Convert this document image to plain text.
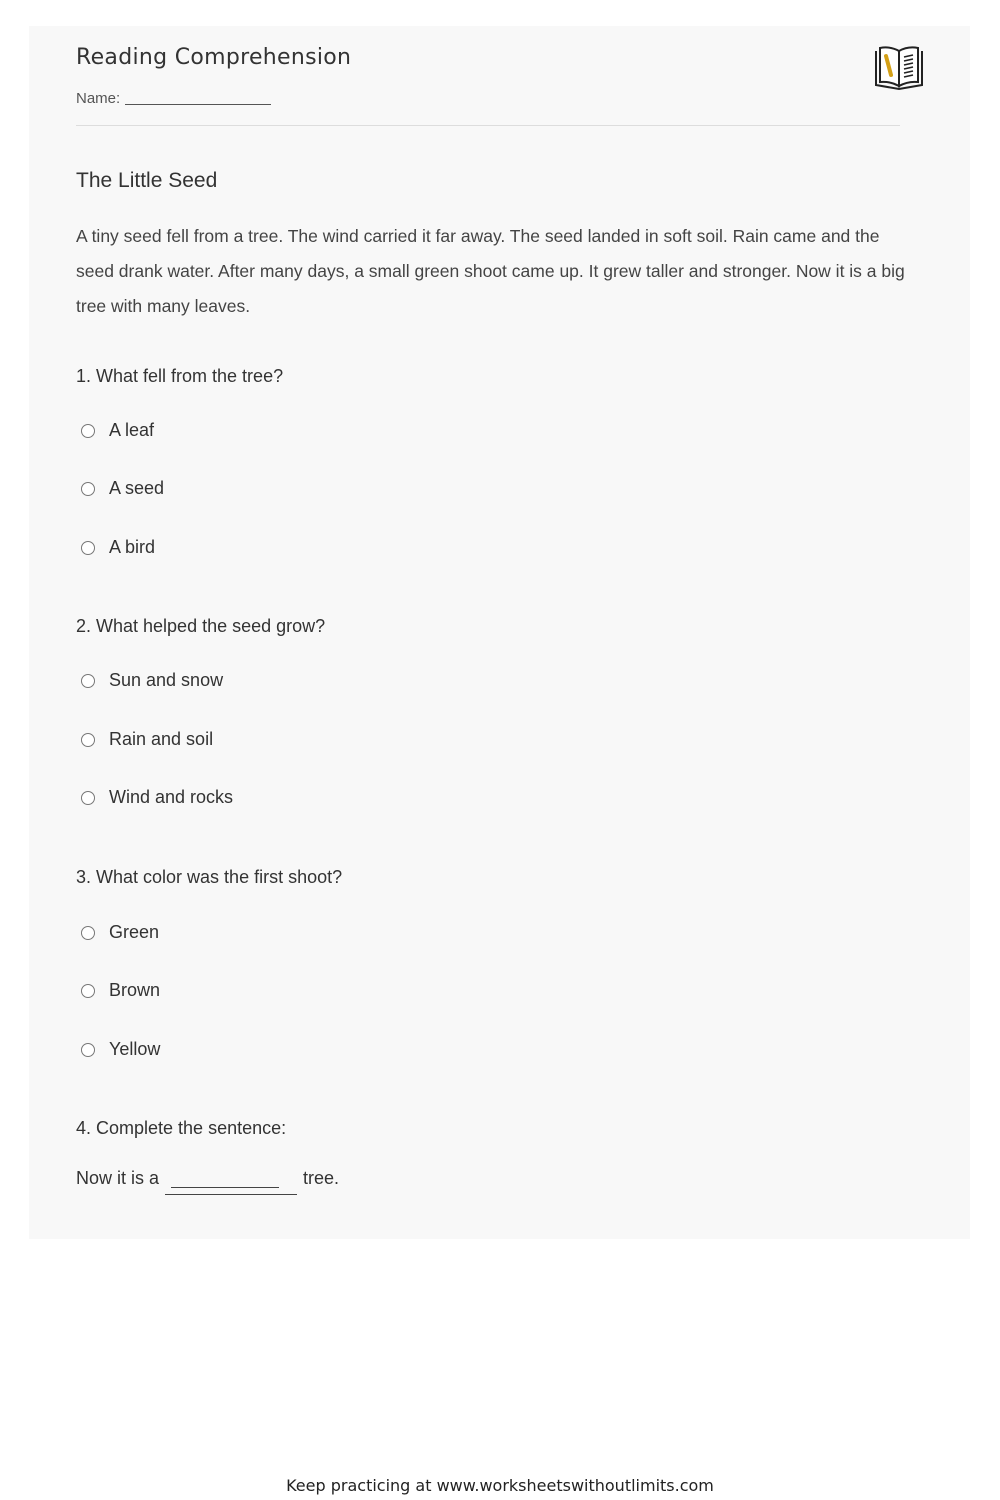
Reading Comprehension
Name:
The Little Seed
A tiny seed fell from a tree. The wind carried it far away. The seed landed in soft soil. Rain came and the seed drank water. After many days, a small green shoot came up. It grew taller and stronger. Now it is a big tree with many leaves.
1. What fell from the tree?
A leaf
A seed
A bird
2. What helped the seed grow?
Sun and snow
Rain and soil
Wind and rocks
3. What color was the first shoot?
Green
Brown
Yellow
4. Complete the sentence:
Now it is a	tree.
Keep practicing at www.worksheetswithoutlimits.com
